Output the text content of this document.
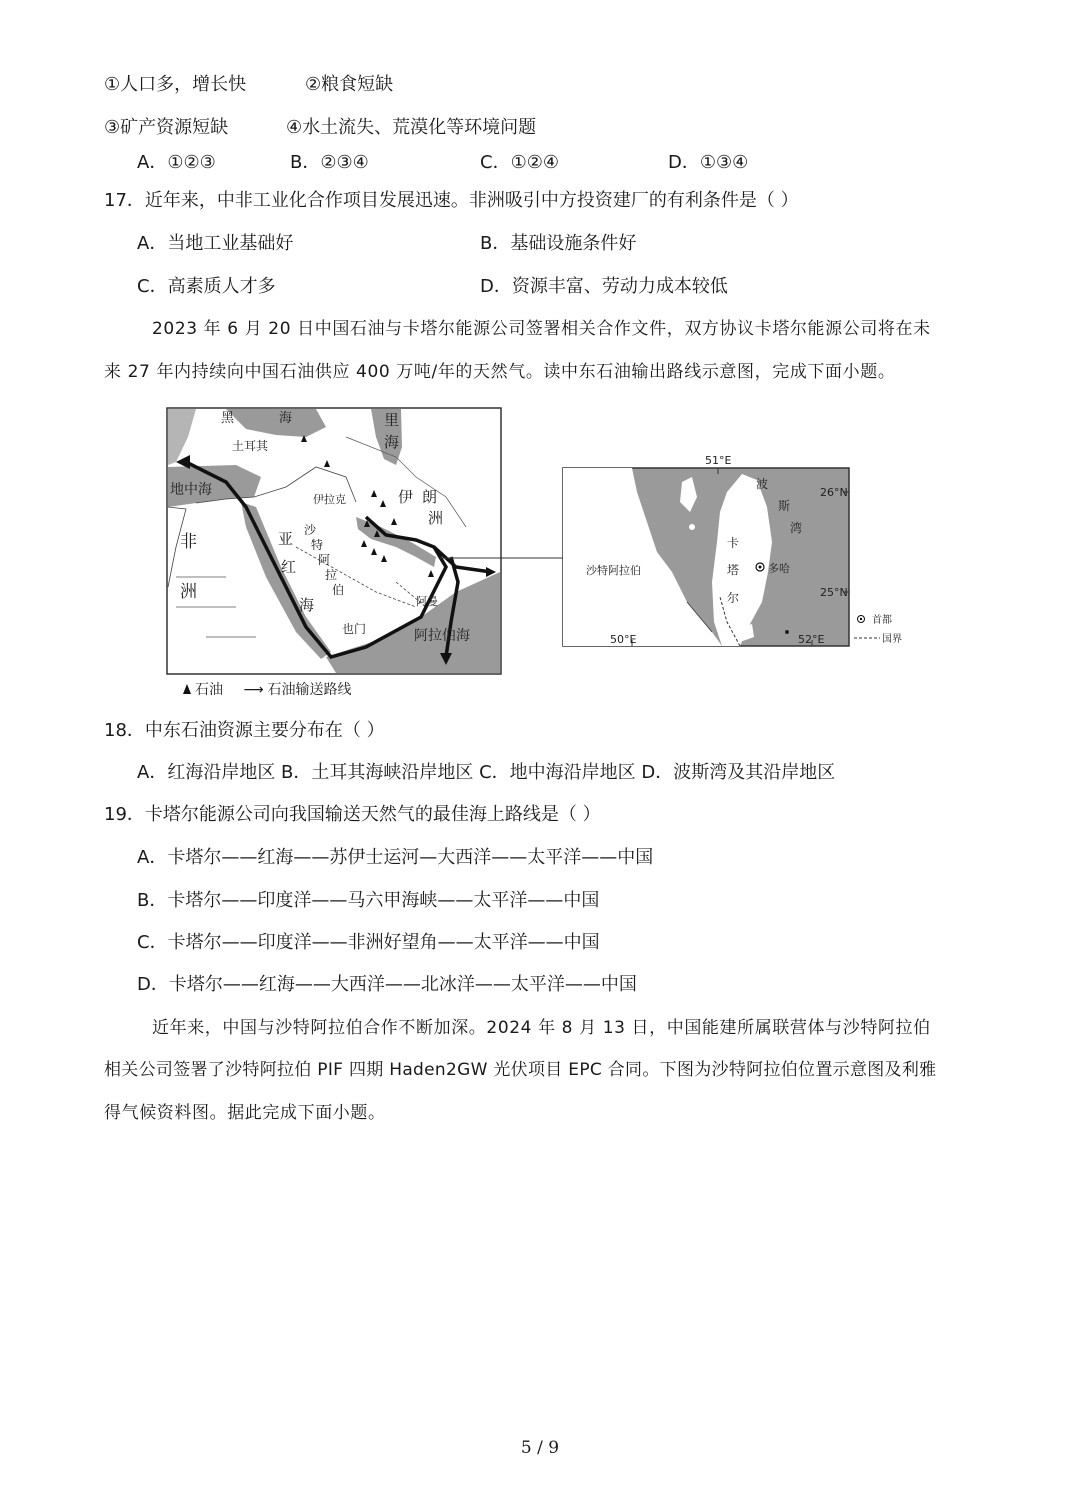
①人口多，增长快	②粮食短缺
③矿产资源短缺	④水土流失、荒漠化等环境问题
A．①②③	B．②③④	C．①②④	D．①③④
17．近年来，中非工业化合作项目发展迅速。非洲吸引中方投资建厂的有利条件是（ ）
A．当地工业基础好	B．基础设施条件好
C．高素质人才多	D．资源丰富、劳动力成本较低
2023 年 6 月 20 日中国石油与卡塔尔能源公司签署相关合作文件，双方协议卡塔尔能源公司将在未
来 27 年内持续向中国石油供应 400 万吨/年的天然气。读中东石油输出路线示意图，完成下面小题。
黑	海	里
海
土耳其
伊拉克	伊 朗
洲
地中海
非
洲
亚
红
海
沙
特
阿
拉
伯
也门
阿曼
阿拉伯海
石油 ⟶ 石油输送路线
51°E
50°E	52°E
26°N
25°N
波
斯
湾
卡
塔
尔
多哈
沙特阿拉伯
首都
国界
18．中东石油资源主要分布在（ ）
A．红海沿岸地区 B．土耳其海峡沿岸地区 C．地中海沿岸地区 D．波斯湾及其沿岸地区
19．卡塔尔能源公司向我国输送天然气的最佳海上路线是（ ）
A．卡塔尔——红海——苏伊士运河—大西洋——太平洋——中国
B．卡塔尔——印度洋——马六甲海峡——太平洋——中国
C．卡塔尔——印度洋——非洲好望角——太平洋——中国
D．卡塔尔——红海——大西洋——北冰洋——太平洋——中国
近年来，中国与沙特阿拉伯合作不断加深。2024 年 8 月 13 日，中国能建所属联营体与沙特阿拉伯
相关公司签署了沙特阿拉伯 PIF 四期 Haden2GW 光伏项目 EPC 合同。下图为沙特阿拉伯位置示意图及利雅
得气候资料图。据此完成下面小题。
5 / 9
